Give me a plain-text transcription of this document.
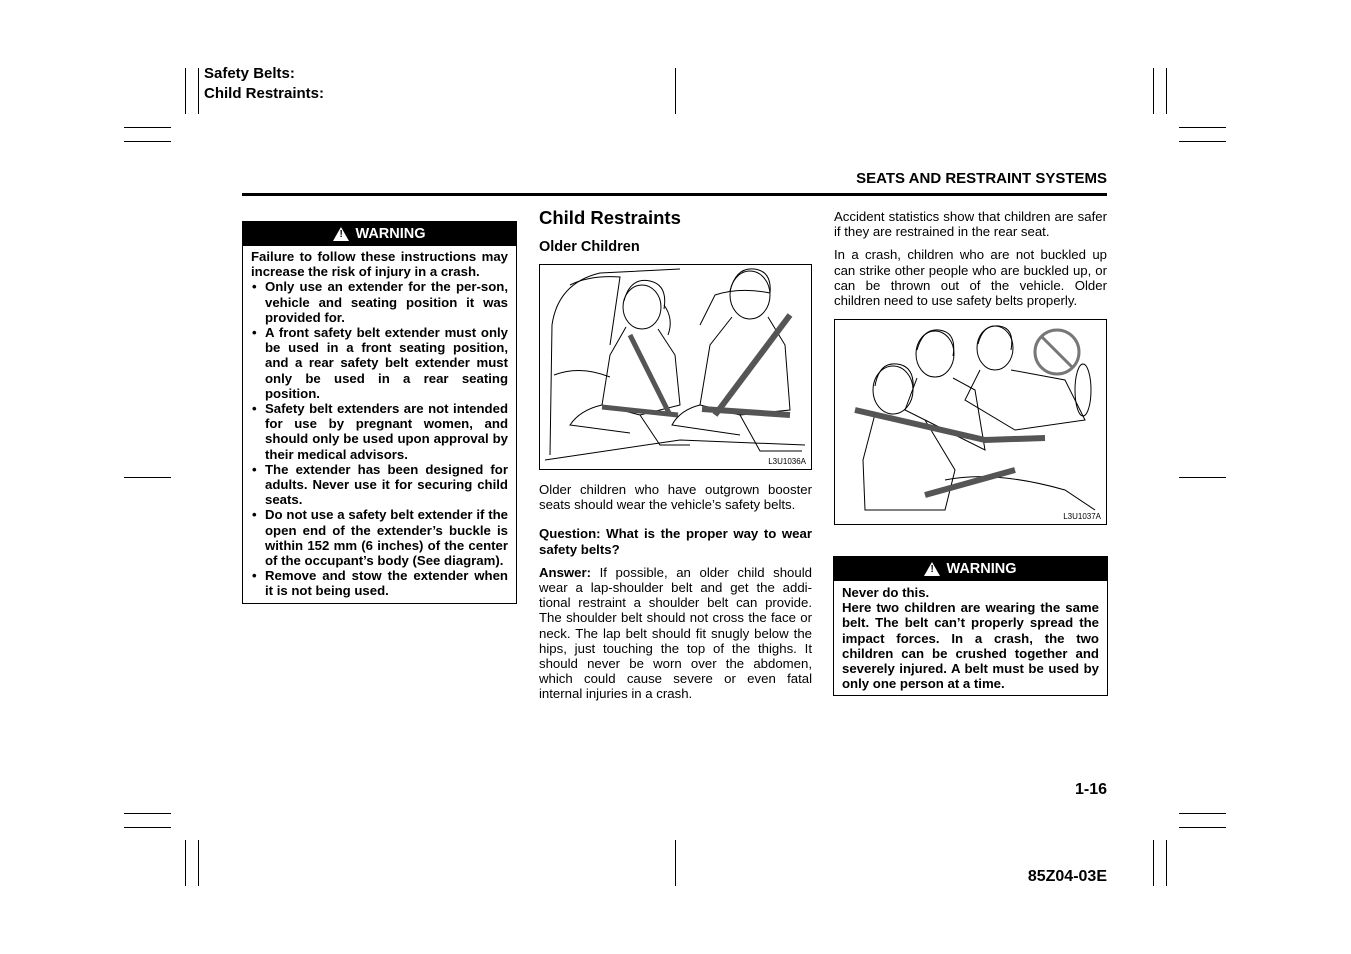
Safety Belts:
Child Restraints:
SEATS AND RESTRAINT SYSTEMS
! WARNING
Failure to follow these instructions may increase the risk of injury in a crash.
• Only use an extender for the per-son, vehicle and seating position it was provided for.
• A front safety belt extender must only be used in a front seating position, and a rear safety belt extender must only be used in a rear seating position.
• Safety belt extenders are not intended for use by pregnant women, and should only be used upon approval by their medical advisors.
• The extender has been designed for adults. Never use it for securing child seats.
• Do not use a safety belt extender if the open end of the extender’s buckle is within 152 mm (6 inches) of the center of the occupant’s body (See diagram).
• Remove and stow the extender when it is not being used.
Child Restraints
Older Children
L3U1036A

Older children who have outgrown booster seats should wear the vehicle’s safety belts.

Question: What is the proper way to wear safety belts?

Answer: If possible, an older child should wear a lap-shoulder belt and get the addi-tional restraint a shoulder belt can provide. The shoulder belt should not cross the face or neck. The lap belt should fit snugly below the hips, just touching the top of the thighs. It should never be worn over the abdomen, which could cause severe or even fatal internal injuries in a crash.

Accident statistics show that children are safer if they are restrained in the rear seat.

In a crash, children who are not buckled up can strike other people who are buckled up, or can be thrown out of the vehicle. Older children need to use safety belts properly.

L3U1037A
! WARNING
Never do this.
Here two children are wearing the same belt. The belt can’t properly spread the impact forces. In a crash, the two children can be crushed together and severely injured. A belt must be used by only one person at a time.
1-16
85Z04-03E
